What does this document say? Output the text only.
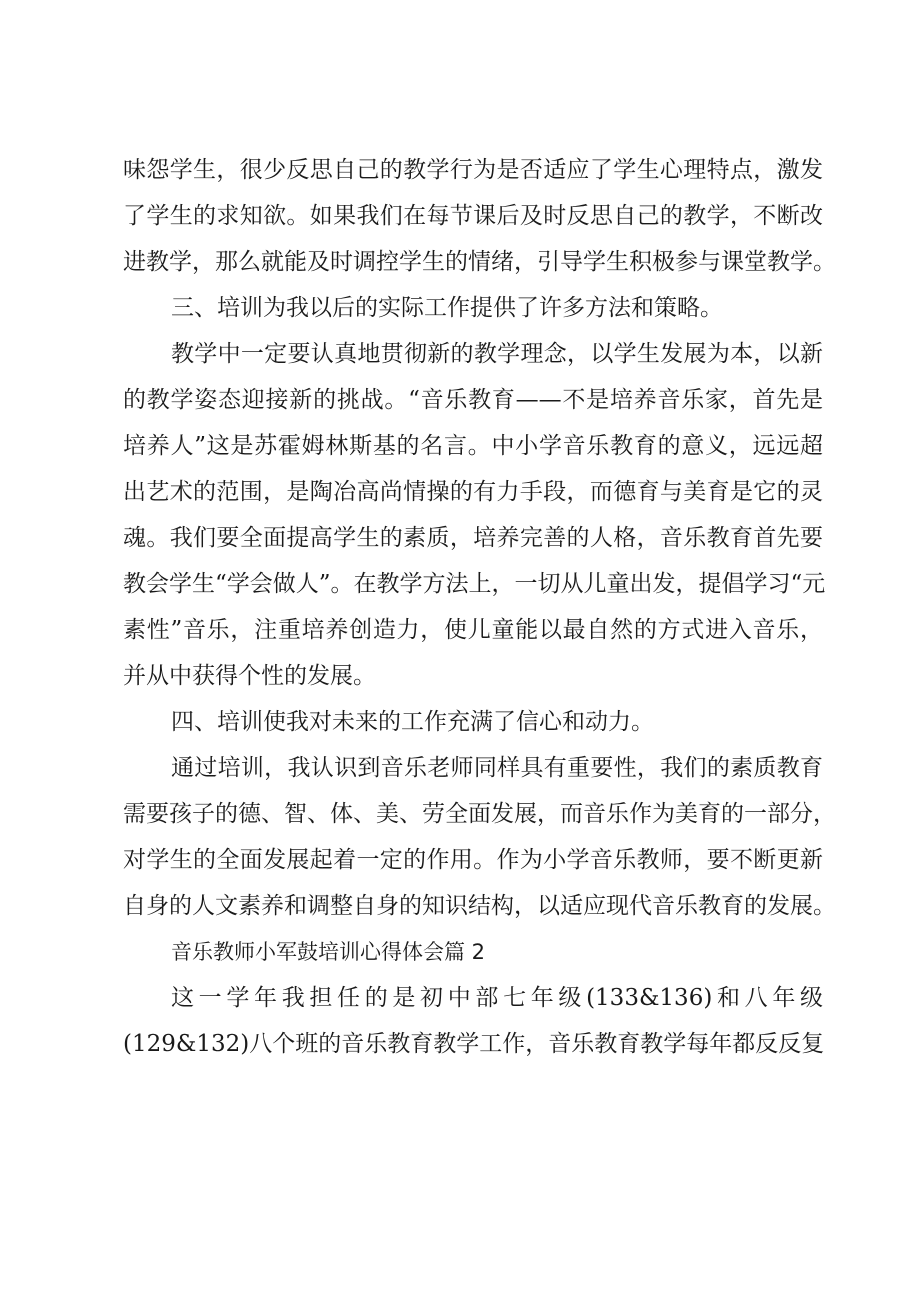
味怨学生，很少反思自己的教学行为是否适应了学生心理特点，激发
了学生的求知欲。如果我们在每节课后及时反思自己的教学，不断改
进教学，那么就能及时调控学生的情绪，引导学生积极参与课堂教学。
三、培训为我以后的实际工作提供了许多方法和策略。
教学中一定要认真地贯彻新的教学理念，以学生发展为本，以新
的教学姿态迎接新的挑战。“音乐教育——不是培养音乐家，首先是
培养人”这是苏霍姆林斯基的名言。中小学音乐教育的意义，远远超
出艺术的范围，是陶冶高尚情操的有力手段，而德育与美育是它的灵
魂。我们要全面提高学生的素质，培养完善的人格，音乐教育首先要
教会学生“学会做人”。在教学方法上，一切从儿童出发，提倡学习“元
素性”音乐，注重培养创造力，使儿童能以最自然的方式进入音乐，
并从中获得个性的发展。
四、培训使我对未来的工作充满了信心和动力。
通过培训，我认识到音乐老师同样具有重要性，我们的素质教育
需要孩子的德、智、体、美、劳全面发展，而音乐作为美育的一部分，
对学生的全面发展起着一定的作用。作为小学音乐教师，要不断更新
自身的人文素养和调整自身的知识结构，以适应现代音乐教育的发展。
音乐教师小军鼓培训心得体会篇 2
这一学年我担任的是初中部七年级(133&136)和八年级
(129&132)八个班的音乐教育教学工作，音乐教育教学每年都反反复
